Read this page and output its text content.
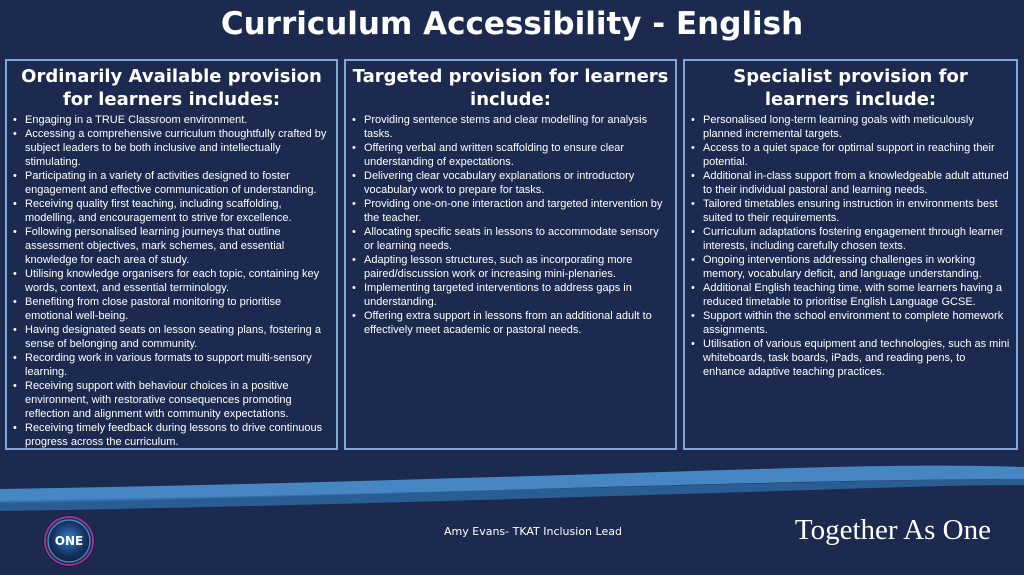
Curriculum Accessibility - English
Ordinarily Available provision for learners includes:
• Engaging in a TRUE Classroom environment.
• Accessing a comprehensive curriculum thoughtfully crafted by subject leaders to be both inclusive and intellectually stimulating.
• Participating in a variety of activities designed to foster engagement and effective communication of understanding.
• Receiving quality first teaching, including scaffolding, modelling, and encouragement to strive for excellence.
• Following personalised learning journeys that outline assessment objectives, mark schemes, and essential knowledge for each area of study.
• Utilising knowledge organisers for each topic, containing key words, context, and essential terminology.
• Benefiting from close pastoral monitoring to prioritise emotional well-being.
• Having designated seats on lesson seating plans, fostering a sense of belonging and community.
• Recording work in various formats to support multi-sensory learning.
• Receiving support with behaviour choices in a positive environment, with restorative consequences promoting reflection and alignment with community expectations.
• Receiving timely feedback during lessons to drive continuous progress across the curriculum.
Targeted provision for learners include:
• Providing sentence stems and clear modelling for analysis tasks.
• Offering verbal and written scaffolding to ensure clear understanding of expectations.
• Delivering clear vocabulary explanations or introductory vocabulary work to prepare for tasks.
• Providing one-on-one interaction and targeted intervention by the teacher.
• Allocating specific seats in lessons to accommodate sensory or learning needs.
• Adapting lesson structures, such as incorporating more paired/discussion work or increasing mini-plenaries.
• Implementing targeted interventions to address gaps in understanding.
• Offering extra support in lessons from an additional adult to effectively meet academic or pastoral needs.
Specialist provision for learners include:
• Personalised long-term learning goals with meticulously planned incremental targets.
• Access to a quiet space for optimal support in reaching their potential.
• Additional in-class support from a knowledgeable adult attuned to their individual pastoral and learning needs.
• Tailored timetables ensuring instruction in environments best suited to their requirements.
• Curriculum adaptations fostering engagement through learner interests, including carefully chosen texts.
• Ongoing interventions addressing challenges in working memory, vocabulary deficit, and language understanding.
• Additional English teaching time, with some learners having a reduced timetable to prioritise English Language GCSE.
• Support within the school environment to complete homework assignments.
• Utilisation of various equipment and technologies, such as mini whiteboards, task boards, iPads, and reading pens, to enhance adaptive teaching practices.
ONE
Amy Evans- TKAT Inclusion Lead	Together As One
